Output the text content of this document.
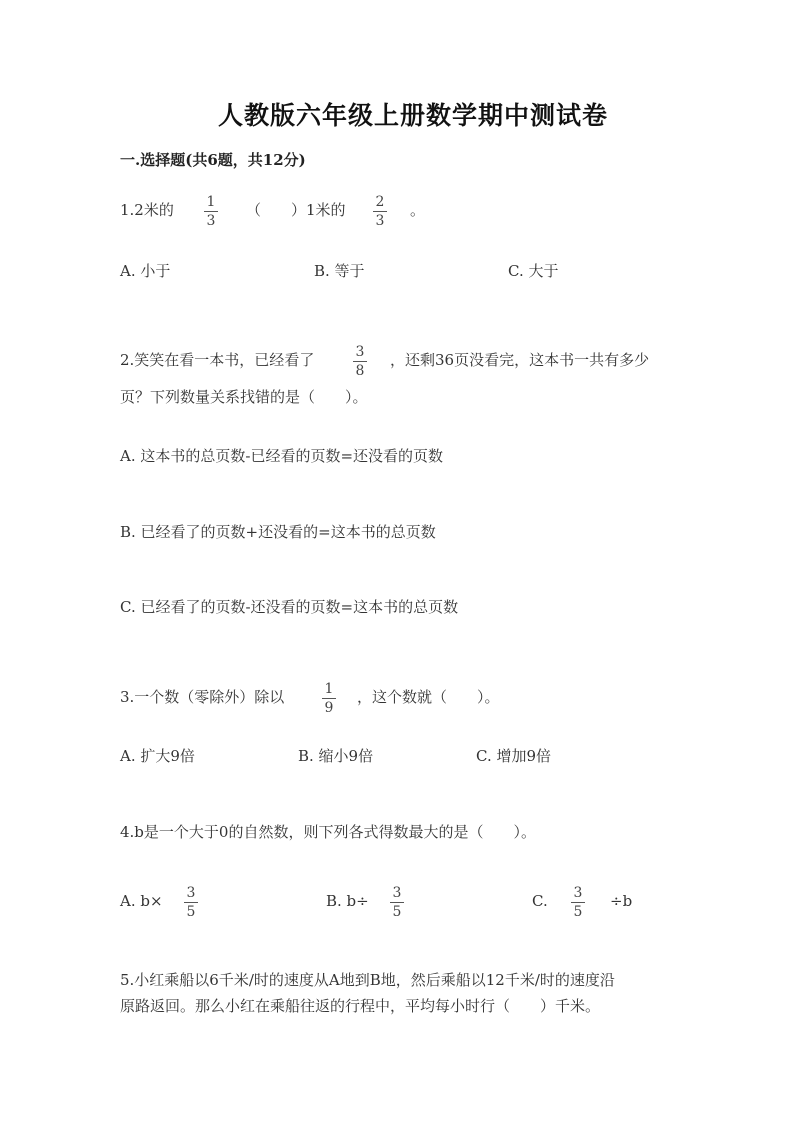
人教版六年级上册数学期中测试卷
一.选择题(共6题，共12分)
1.2米的 1
3
（　　）1米的 2
3
。
A. 小于	B. 等于	C. 大于
2.笑笑在看一本书，已经看了	3
8
，还剩36页没看完，这本书一共有多少
页？下列数量关系找错的是（　　）。
A. 这本书的总页数-已经看的页数=还没看的页数
B. 已经看了的页数+还没看的=这本书的总页数
C. 已经看了的页数-还没看的页数=这本书的总页数
3.一个数（零除外）除以	1
9
，这个数就（　　）。
A. 扩大9倍	B. 缩小9倍	C. 增加9倍
4.b是一个大于0的自然数，则下列各式得数最大的是（　　）。
A. b× 3
5
B. b÷ 3
5
C. 3
5
÷b
5.小红乘船以6千米/时的速度从A地到B地，然后乘船以12千米/时的速度沿
原路返回。那么小红在乘船往返的行程中，平均每小时行（　　）千米。
